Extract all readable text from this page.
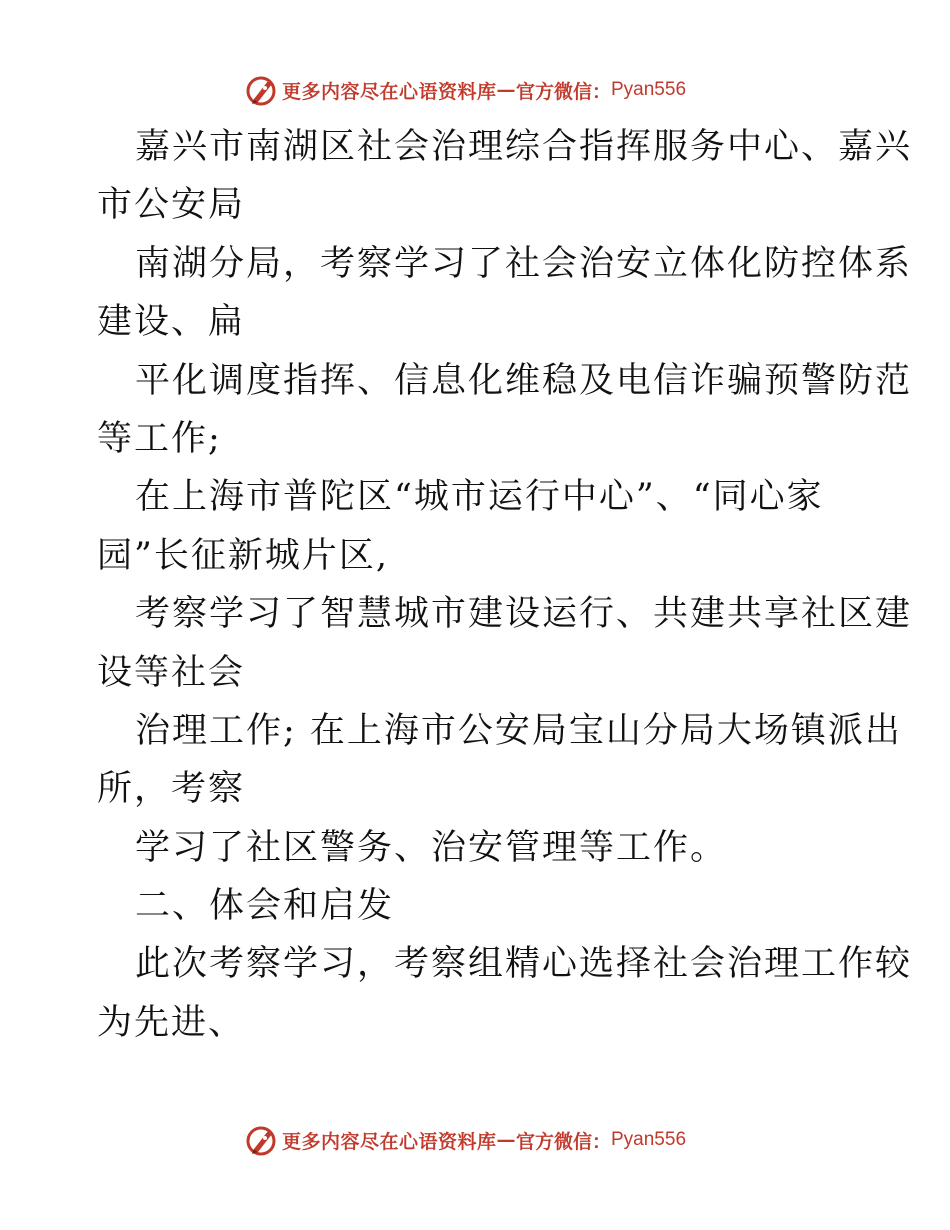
更多内容尽在心语资料库 — 官方微信： Pyan556
嘉兴市南湖区社会治理综合指挥服务中心、嘉兴
市公安局
南湖分局，考察学习了社会治安立体化防控体系
建设、扁
平化调度指挥、信息化维稳及电信诈骗预警防范
等工作;
在上海市普陀区“城市运行中心”、“同心家
园”长征新城片区,
考察学习了智慧城市建设运行、共建共享社区建
设等社会
治理工作; 在上海市公安局宝山分局大场镇派出
所，考察
学习了社区警务、治安管理等工作。
二、体会和启发
此次考察学习，考察组精心选择社会治理工作较
为先进、
更多内容尽在心语资料库 — 官方微信： Pyan556
